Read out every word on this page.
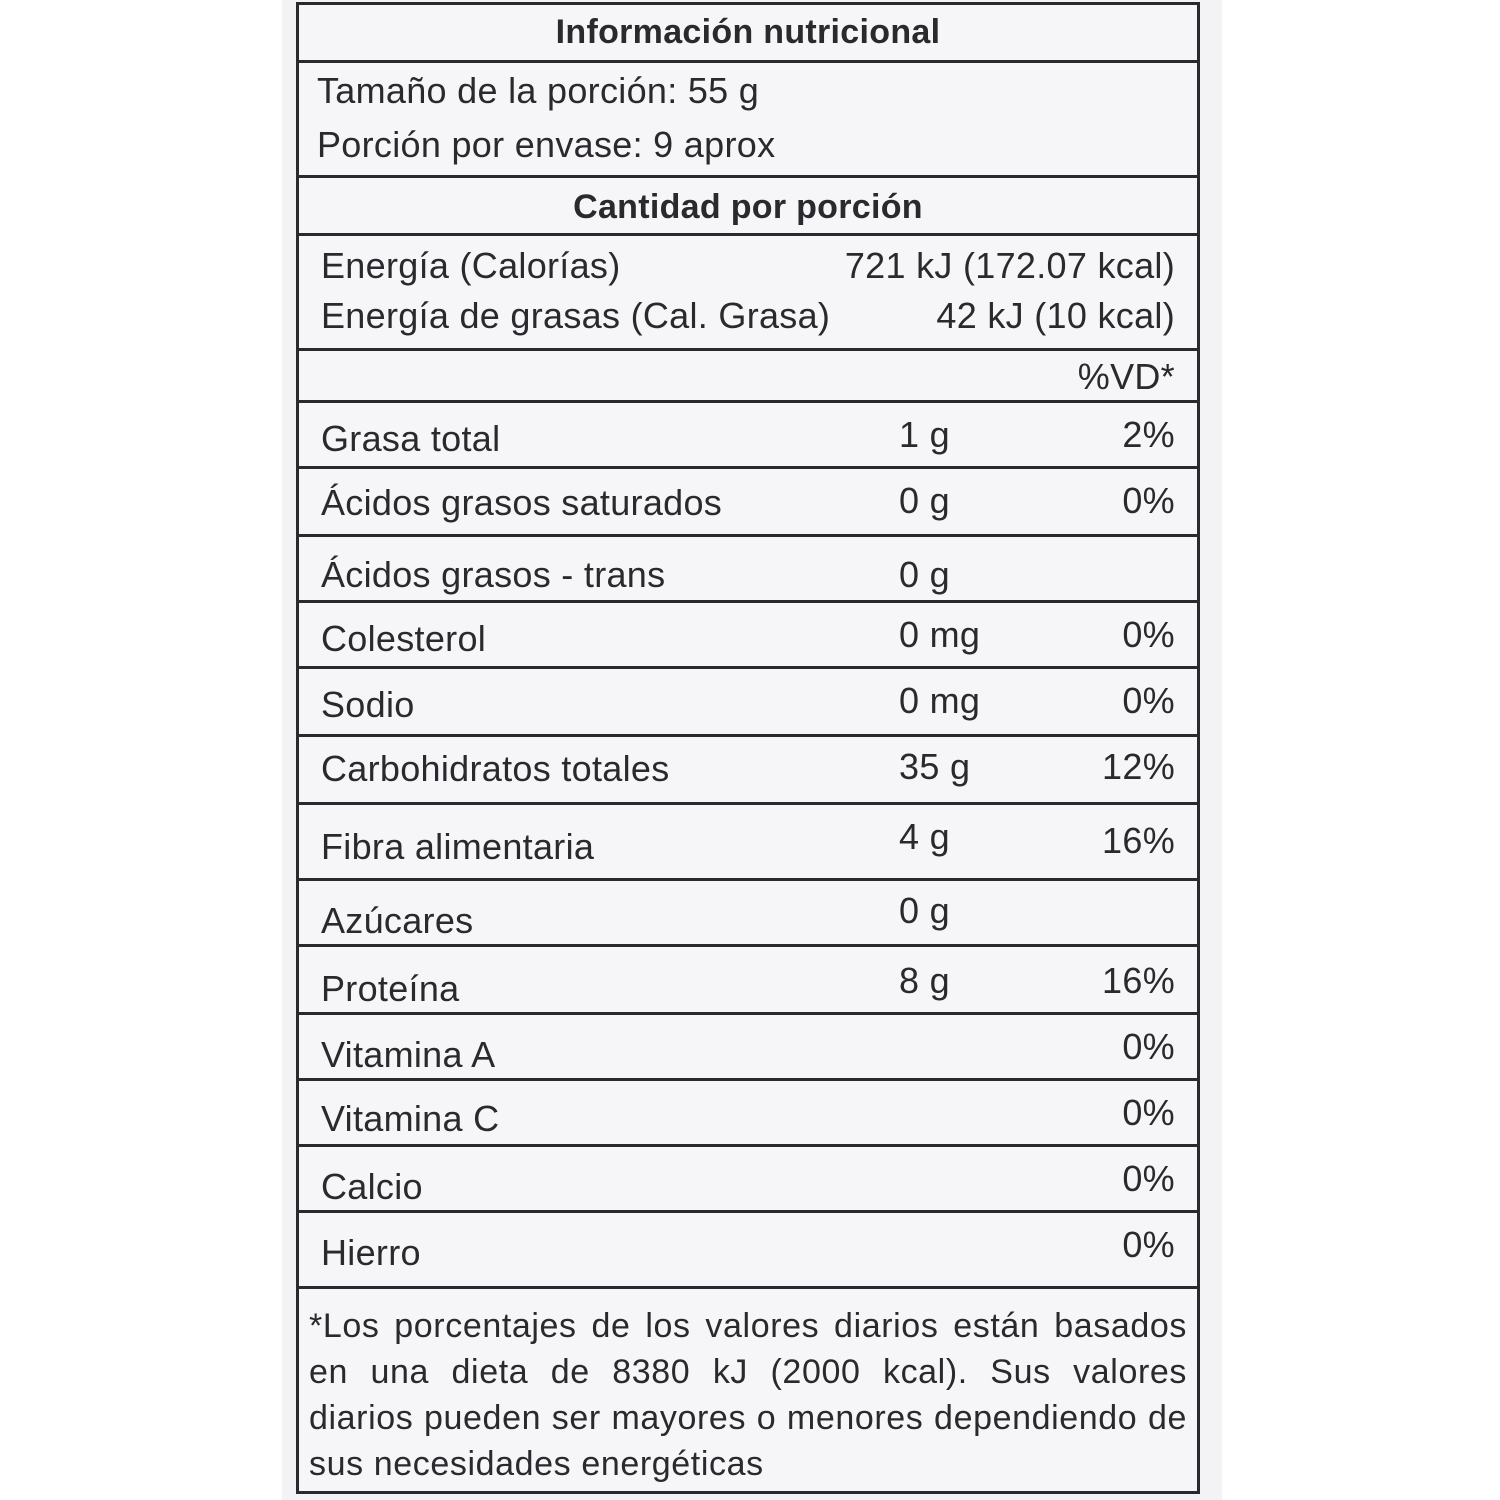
Información nutricional
Tamaño de la porción: 55 g
Porción por envase: 9 aprox
Cantidad por porción
Energía (Calorías)	721 kJ (172.07 kcal)
Energía de grasas (Cal. Grasa)	42 kJ (10 kcal)
%VD*
Grasa total	1 g	2%
Ácidos grasos saturados	0 g	0%
Ácidos grasos - trans	0 g
Colesterol	0 mg	0%
Sodio	0 mg	0%
Carbohidratos totales	35 g	12%
Fibra alimentaria	4 g	16%
Azúcares	0 g
Proteína	8 g	16%
Vitamina A	0%
Vitamina C	0%
Calcio	0%
Hierro	0%
*Los porcentajes de los valores diarios están basados en una dieta de 8380 kJ (2000 kcal). Sus valores diarios pueden ser mayores o menores dependiendo de sus necesidades energéticas
